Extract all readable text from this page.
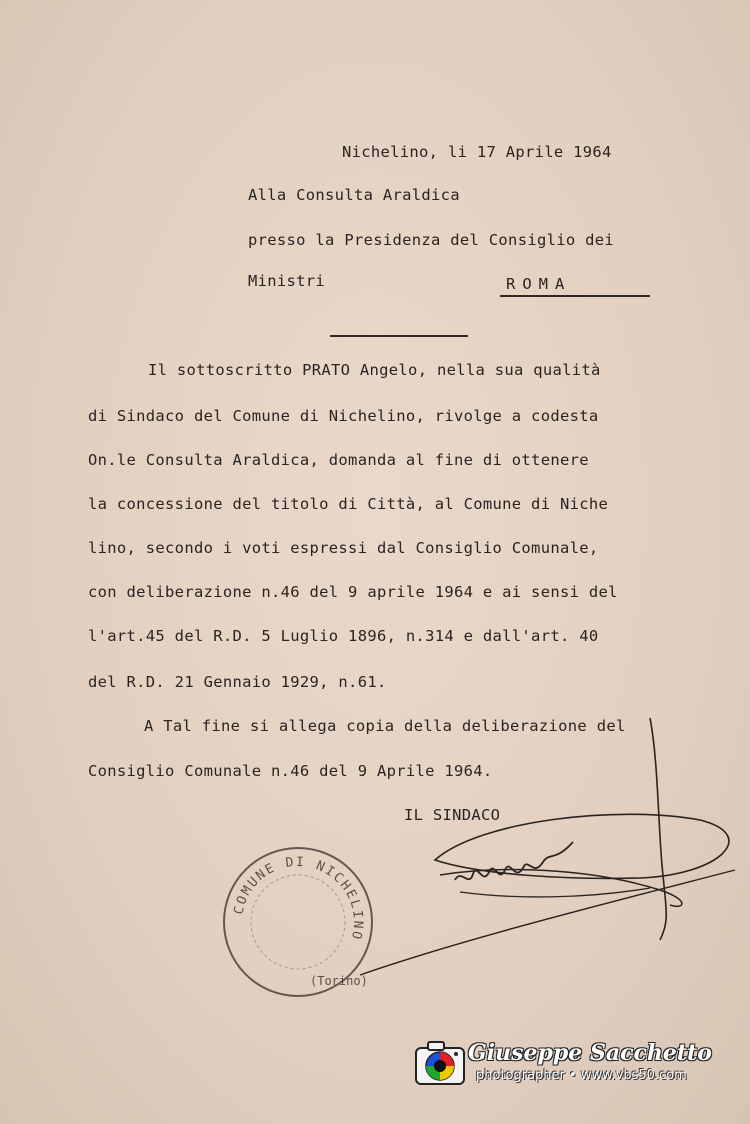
Nichelino, li 17 Aprile 1964
Alla Consulta Araldica
presso la Presidenza del Consiglio dei
Ministri	ROMA
Il sottoscritto PRATO Angelo, nella sua qualità
di Sindaco del Comune di Nichelino, rivolge a codesta
On.le Consulta Araldica, domanda al fine di ottenere
la concessione del titolo di Città, al Comune di Niche
lino, secondo i voti espressi dal Consiglio Comunale,
con deliberazione n.46 del 9 aprile 1964 e ai sensi del
l'art.45 del R.D. 5 Luglio 1896, n.314 e dall'art. 40
del R.D. 21 Gennaio 1929, n.61.
A Tal fine si allega copia della deliberazione del
Consiglio Comunale n.46 del 9 Aprile 1964.
IL SINDACO
COMUNE DI NICHELINO
(Torino)
Giuseppe Sacchetto
photographer • www.vbs50.com
